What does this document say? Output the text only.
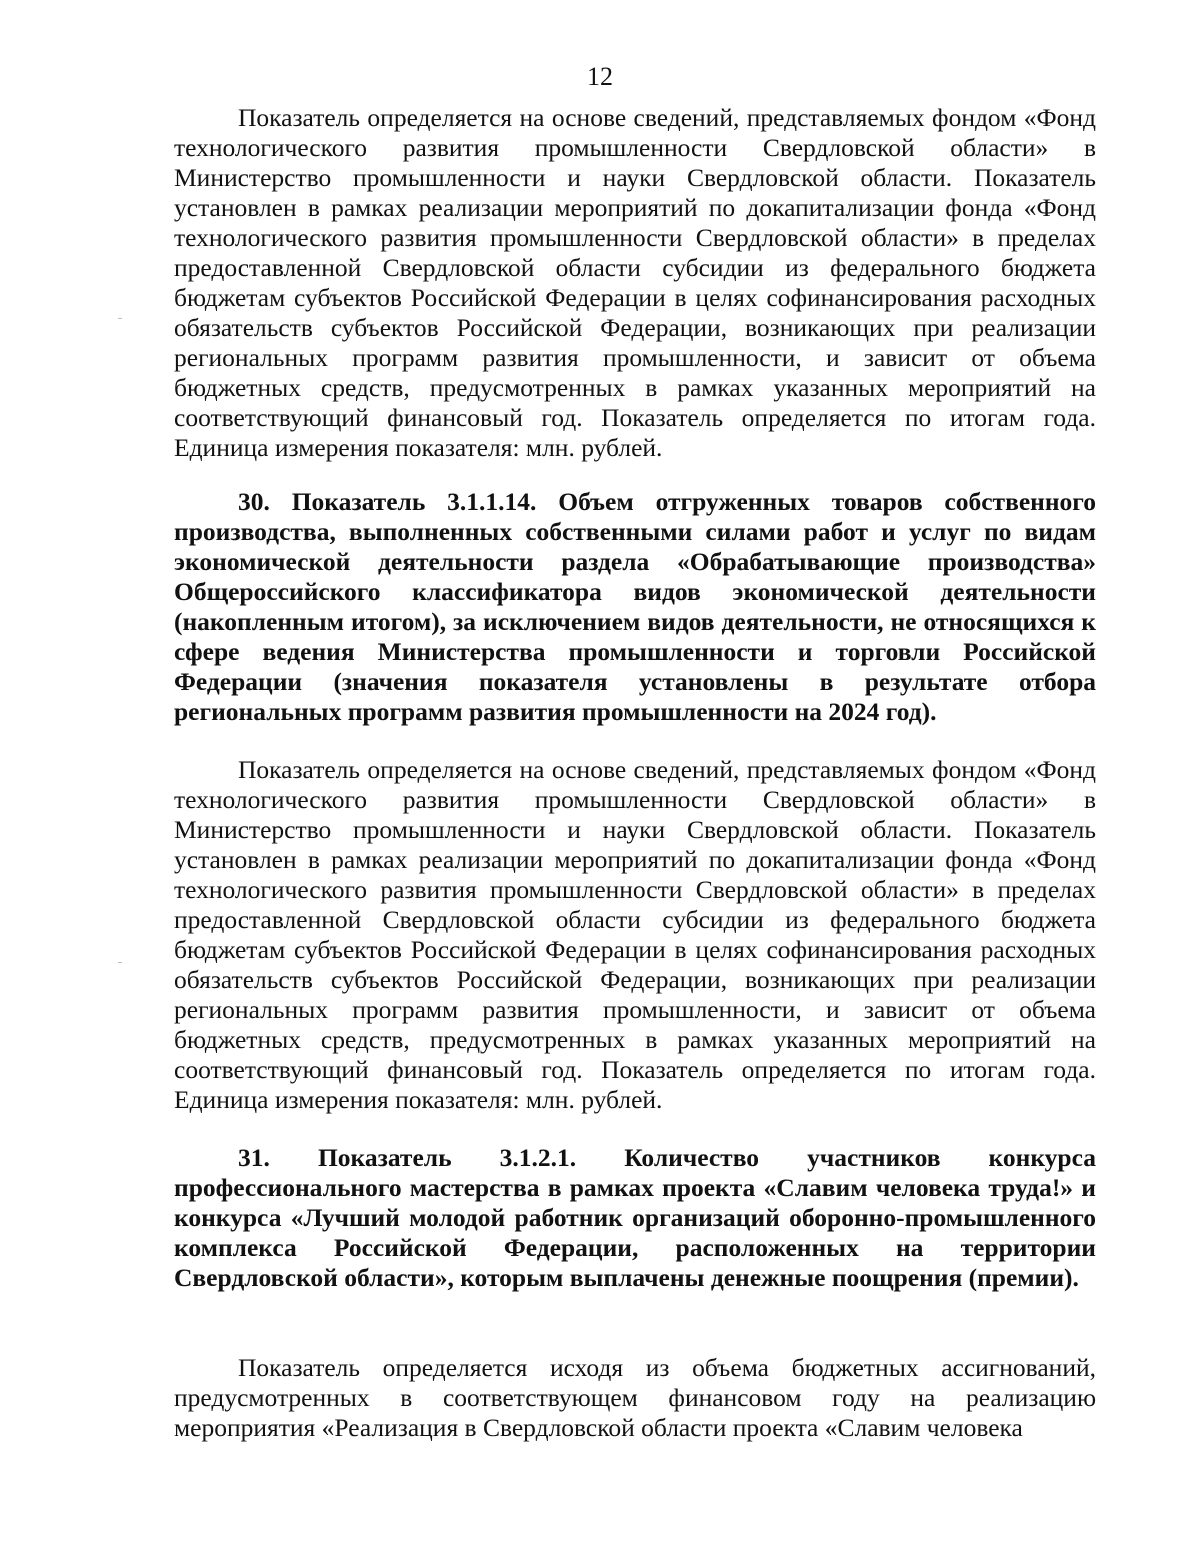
12

Показатель определяется на основе сведений, представляемых фондом «Фонд технологического развития промышленности Свердловской области» в Министерство промышленности и науки Свердловской области. Показатель установлен в рамках реализации мероприятий по докапитализации фонда «Фонд технологического развития промышленности Свердловской области» в пределах предоставленной Свердловской области субсидии из федерального бюджета бюджетам субъектов Российской Федерации в целях софинансирования расходных обязательств субъектов Российской Федерации, возникающих при реализации региональных программ развития промышленности, и зависит от объема бюджетных средств, предусмотренных в рамках указанных мероприятий на соответствующий финансовый год. Показатель определяется по итогам года. Единица измерения показателя: млн. рублей.

30. Показатель 3.1.1.14. Объем отгруженных товаров собственного производства, выполненных собственными силами работ и услуг по видам экономической деятельности раздела «Обрабатывающие производства» Общероссийского классификатора видов экономической деятельности (накопленным итогом), за исключением видов деятельности, не относящихся к сфере ведения Министерства промышленности и торговли Российской Федерации (значения показателя установлены в результате отбора региональных программ развития промышленности на 2024 год).

Показатель определяется на основе сведений, представляемых фондом «Фонд технологического развития промышленности Свердловской области» в Министерство промышленности и науки Свердловской области. Показатель установлен в рамках реализации мероприятий по докапитализации фонда «Фонд технологического развития промышленности Свердловской области» в пределах предоставленной Свердловской области субсидии из федерального бюджета бюджетам субъектов Российской Федерации в целях софинансирования расходных обязательств субъектов Российской Федерации, возникающих при реализации региональных программ развития промышленности, и зависит от объема бюджетных средств, предусмотренных в рамках указанных мероприятий на соответствующий финансовый год. Показатель определяется по итогам года. Единица измерения показателя: млн. рублей.

31. Показатель 3.1.2.1. Количество участников конкурса профессионального мастерства в рамках проекта «Славим человека труда!» и конкурса «Лучший молодой работник организаций оборонно-промышленного комплекса Российской Федерации, расположенных на территории Свердловской области», которым выплачены денежные поощрения (премии).

Показатель определяется исходя из объема бюджетных ассигнований, предусмотренных в соответствующем финансовом году на реализацию мероприятия «Реализация в Свердловской области проекта «Славим человека
